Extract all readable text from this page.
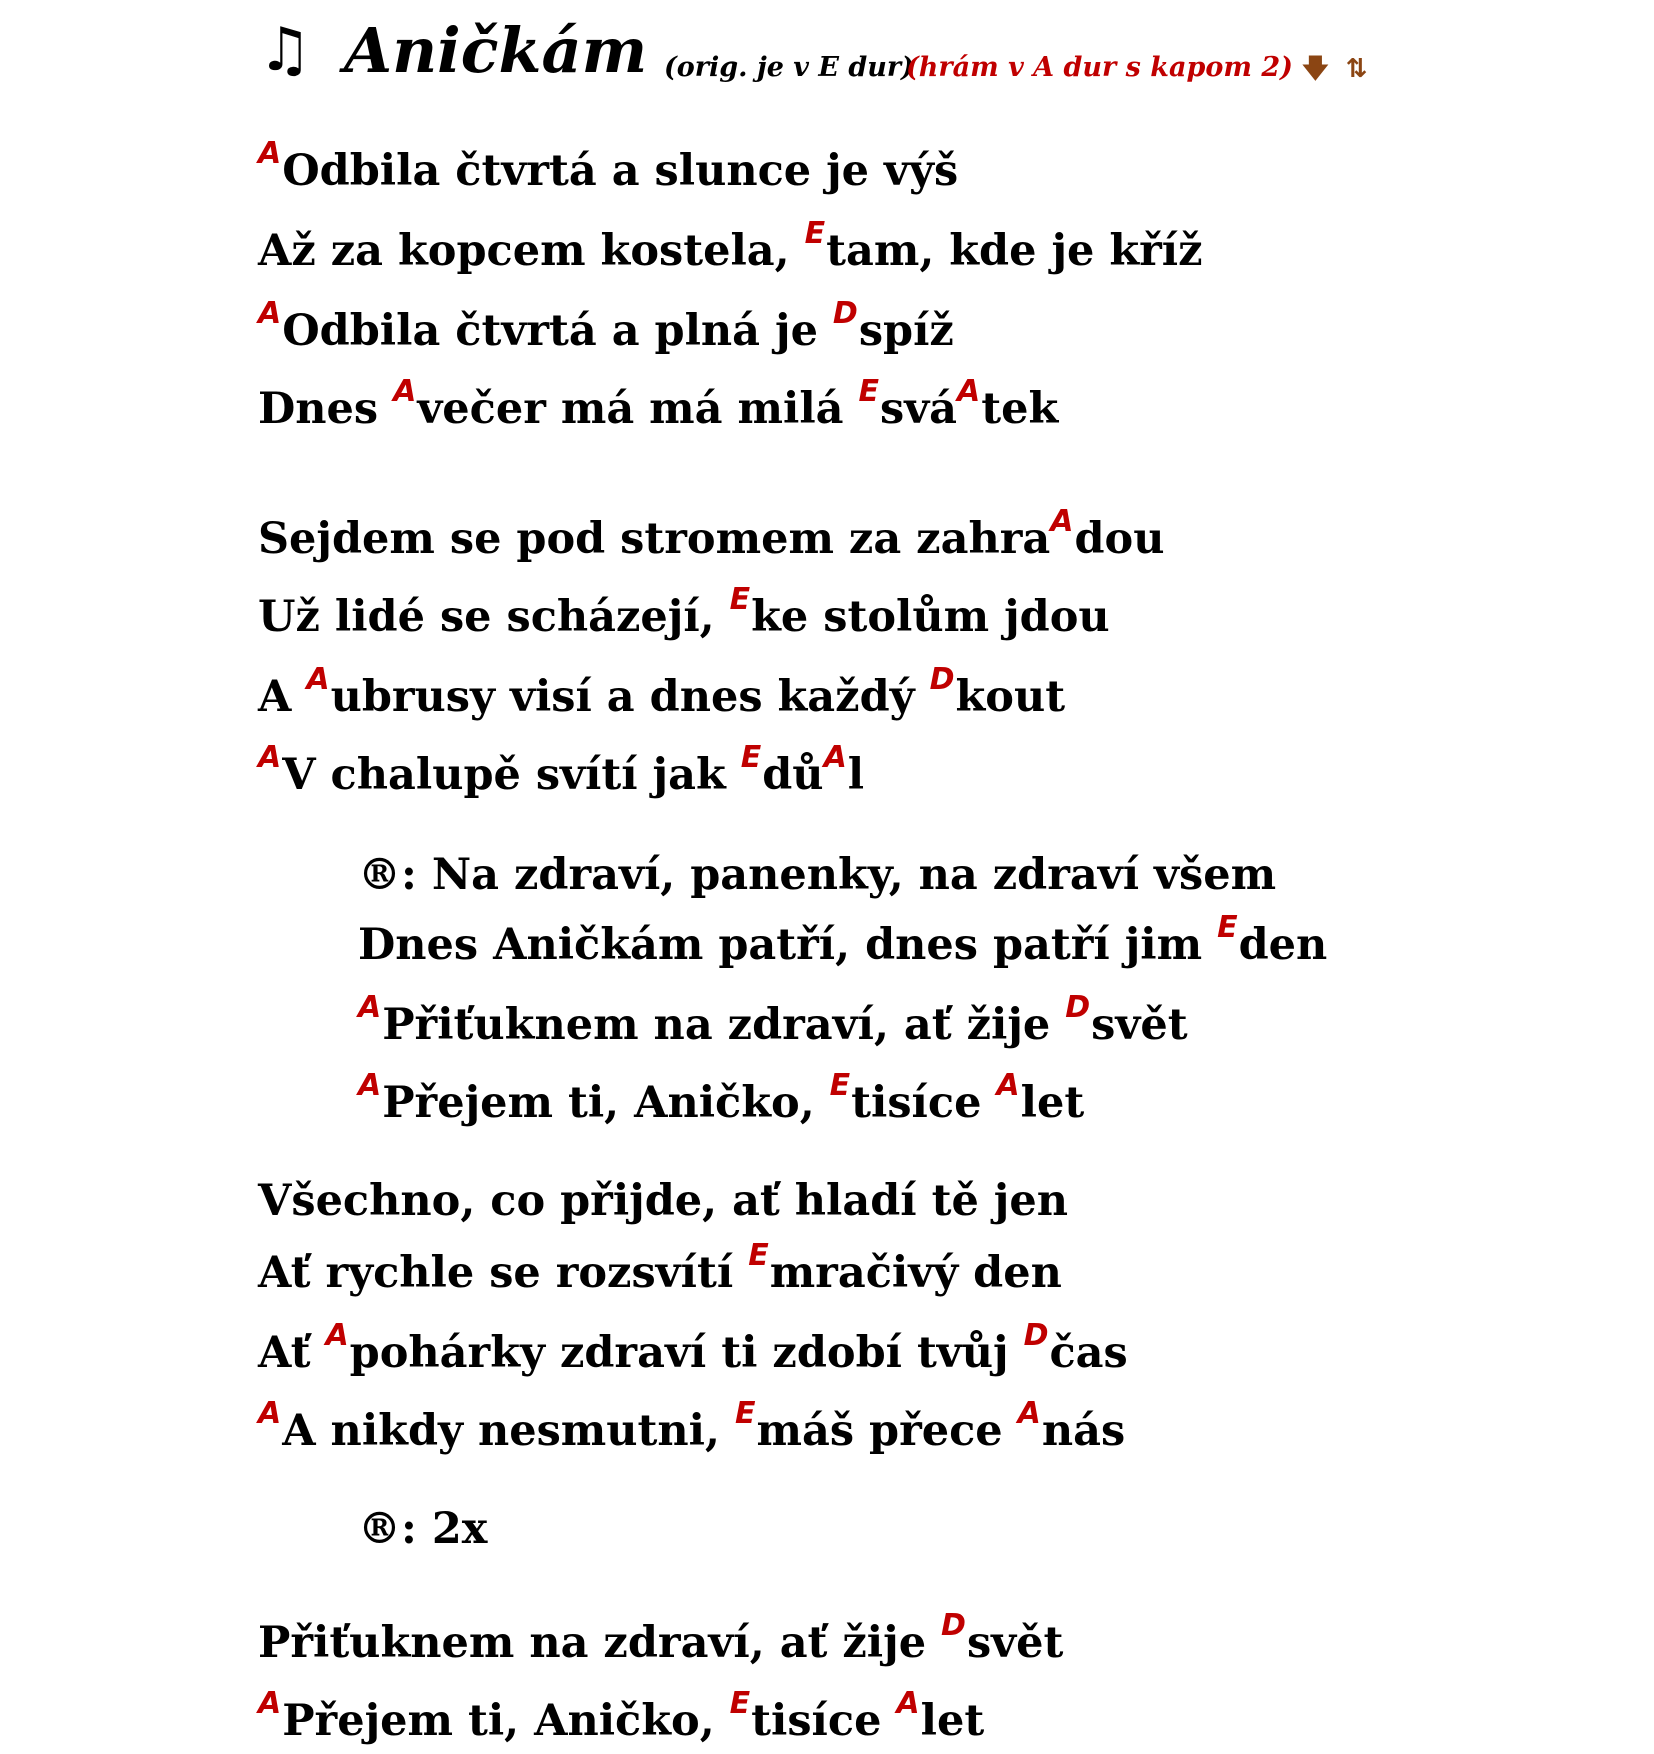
♫ Aničkám (orig. je v E dur)
(hrám v A dur s kapom 2) 🡇 ⇅
$^A$Odbila čtvrtá a slunce je výš
Až za kopcem kostela, $^E$tam, kde je kříž
$^A$Odbila čtvrtá a plná je $^D$spíž
Dnes $^A$večer má má milá $^E$svá$^A$tek
Sejdem se pod stromem za zahra$^A$dou
Už lidé se scházejí, $^E$ke stolům jdou
A $^A$ubrusy visí a dnes každý $^D$kout
$^A$V chalupě svítí jak $^Edů^Al$
®: Na zdraví, panenky, na zdraví všem
Dnes Aničkám patří, dnes patří jim $^E$den
$^A$Přiťuknem na zdraví, ať žije $^D$svět
$^A$Přejem ti, Aničko, $^E$tisíce $^A$let
Všechno, co přijde, ať hladí tě jen
Ať rychle se rozsvítí $^E$mračivý den
Ať $^A$pohárky zdraví ti zdobí tvůj $^D$čas
$^A$A nikdy nesmutni, $^E$máš přece $^A$nás
®: 2x
Přiťuknem na zdraví, ať žije $^D$svět
$^A$Přejem ti, Aničko, $^E$tisíce $^A$let
